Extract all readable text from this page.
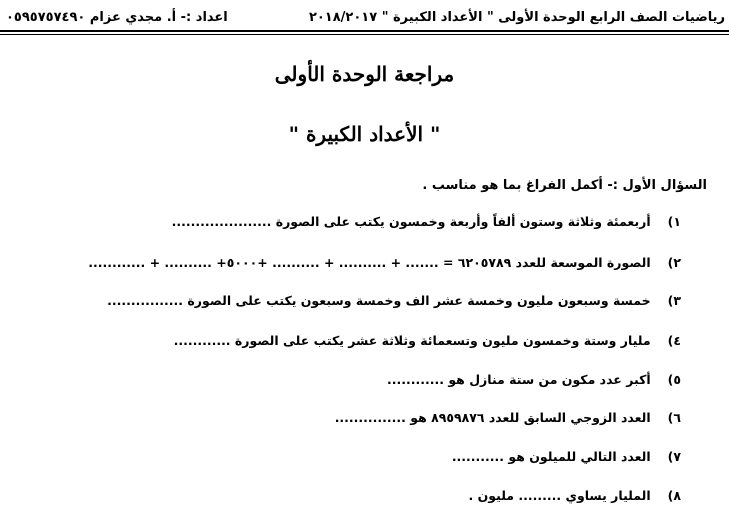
رياضيات الصف الرابع الوحدة الأولى " الأعداد الكبيرة " ٢٠١٨/٢٠١٧
اعداد :- أ. مجدي عزام ٠٥٩٥٧٥٧٤٩٠
مراجعة الوحدة الأولى
" الأعداد الكبيرة "
السؤال الأول :- أكمل الفراغ بما هو مناسب .
١) أربعمئة وثلاثة وستون ألفاً وأربعة وخمسون يكتب على الصورة .....................
٢) الصورة الموسعة للعدد ٦٢٠٥٧٨٩ = ....... + .......... + .......... +٥٠٠٠+ .......... + ............
٣) خمسة وسبعون مليون وخمسة عشر الف وخمسة وسبعون يكتب على الصورة ................
٤) مليار وستة وخمسون مليون وتسعمائة وثلاثة عشر يكتب على الصورة ............
٥) أكبر عدد مكون من ستة منازل هو ............
٦) العدد الزوجي السابق للعدد ٨٩٥٩٨٧٦ هو ...............
٧) العدد التالي للميلون هو ...........
٨) المليار يساوي ......... مليون .
